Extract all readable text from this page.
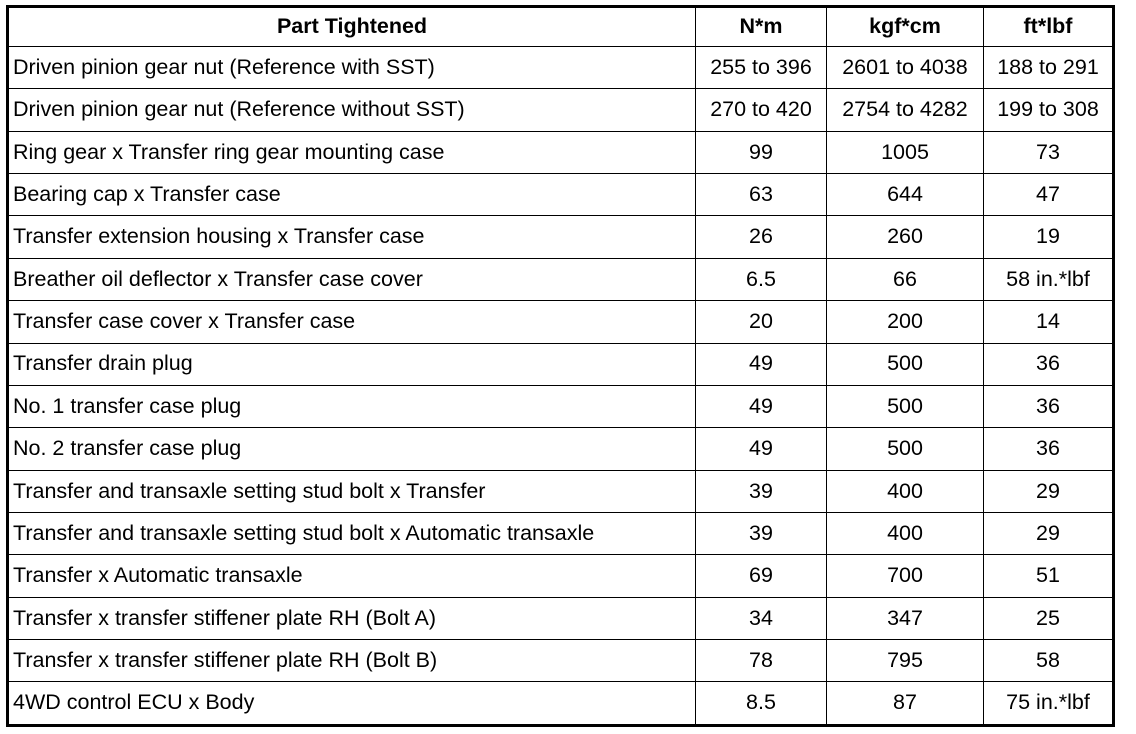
Part Tightened	N*m	kgf*cm	ft*lbf
Driven pinion gear nut (Reference with SST)	255 to 396	2601 to 4038	188 to 291
Driven pinion gear nut (Reference without SST)	270 to 420	2754 to 4282	199 to 308
Ring gear x Transfer ring gear mounting case	99	1005	73
Bearing cap x Transfer case	63	644	47
Transfer extension housing x Transfer case	26	260	19
Breather oil deflector x Transfer case cover	6.5	66	58 in.*lbf
Transfer case cover x Transfer case	20	200	14
Transfer drain plug	49	500	36
No. 1 transfer case plug	49	500	36
No. 2 transfer case plug	49	500	36
Transfer and transaxle setting stud bolt x Transfer	39	400	29
Transfer and transaxle setting stud bolt x Automatic transaxle	39	400	29
Transfer x Automatic transaxle	69	700	51
Transfer x transfer stiffener plate RH (Bolt A)	34	347	25
Transfer x transfer stiffener plate RH (Bolt B)	78	795	58
4WD control ECU x Body	8.5	87	75 in.*lbf
